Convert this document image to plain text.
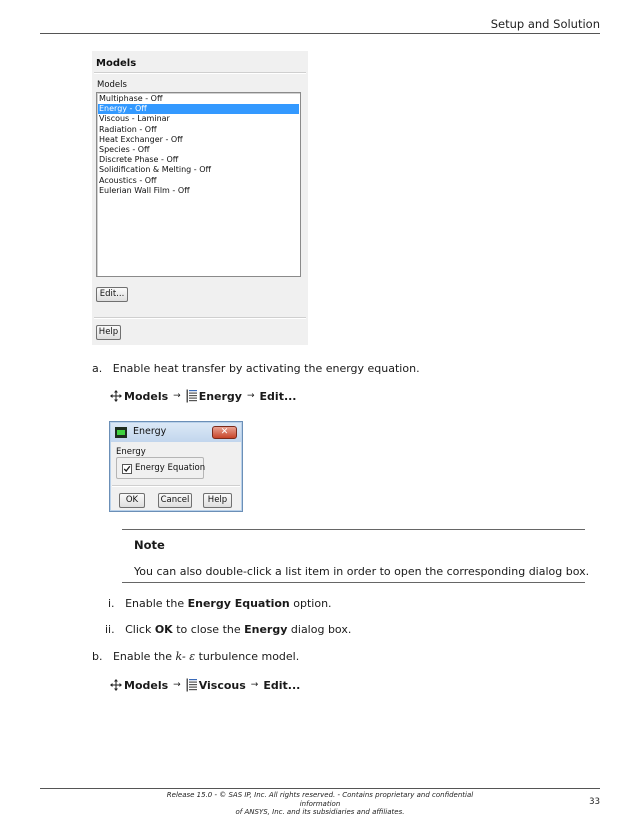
Setup and Solution
Models
Models
Multiphase - Off
Energy - Off
Viscous - Laminar
Radiation - Off
Heat Exchanger - Off
Species - Off
Discrete Phase - Off
Solidification & Melting - Off
Acoustics - Off
Eulerian Wall Film - Off
Edit...
Help
a. Enable heat transfer by activating the energy equation.
Models → Energy → Edit...
Energy	✕
Energy
Energy Equation
OK	Cancel	Help
Note
You can also double-click a list item in order to open the corresponding dialog box.
i. Enable the Energy Equation option.
ii. Click OK to close the Energy dialog box.
b. Enable the k- ε turbulence model.
Models → Viscous → Edit...
Release 15.0 - © SAS IP, Inc. All rights reserved. - Contains proprietary and confidential information
of ANSYS, Inc. and its subsidiaries and affiliates.
33
